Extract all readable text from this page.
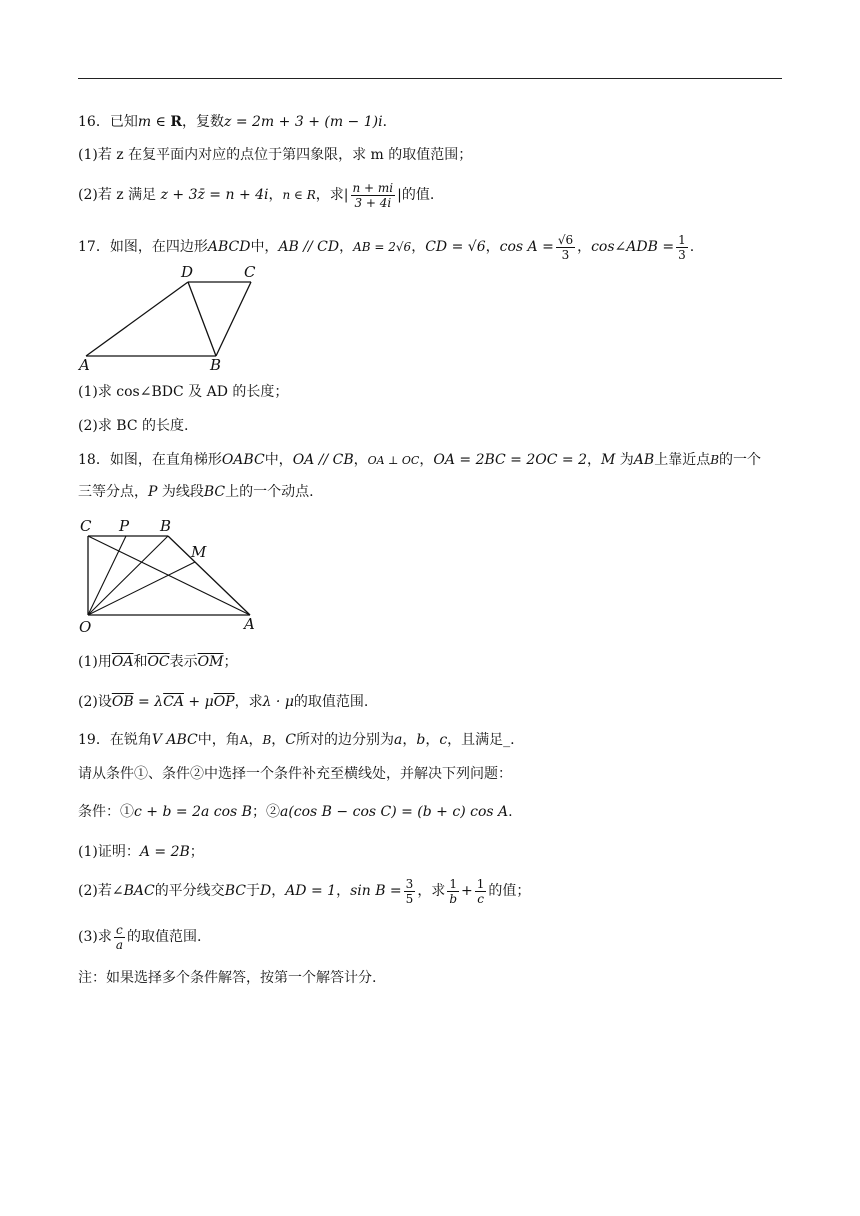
16．已知m ∈ R，复数z = 2m + 3 + (m − 1)i．
(1)若 z 在复平面内对应的点位于第四象限，求 m 的取值范围；
(2)若 z 满足 z + 3z̄ = n + 4i，n ∈ R，求| $\frac{n + mi}{3 + 4i}$ |的值.
17．如图，在四边形ABCD中，AB // CD，AB = 2√6，CD = √6，$\cos A = \frac{√6}{3}$ ，cos∠ADB = $\frac{1}{3}$ .
A	B
D	C
(1)求 cos∠BDC 及 AD 的长度；
(2)求 BC 的长度.
18．如图，在直角梯形OABC中，OA // CB，OA ⊥ OC，OA = 2BC = 2OC = 2，M 为AB上靠近点B的一个
三等分点，P 为线段BC上的一个动点.
C P B
M
O	A
(1)用$\overline{OA}$和$\overline{OC}$表示$\overline{OM}$；
(2)设$\overline{OB} = \lambda\overline{CA} + \mu\overline{OP}$，求λ · μ的取值范围.
19．在锐角V ABC中，角A，B，C所对的边分别为a，b，c，且满足_.
请从条件①、条件②中选择一个条件补充至横线处，并解决下列问题：
条件：①c + b = 2a cos B；②a(cos B − cos C) = (b + c) cos A.
(1)证明：A = 2B；
(2)若∠BAC的平分线交BC于D，AD = 1，$\sin B = \frac{3}{5}$ ，求 $\frac{1}{b} + \frac{1}{c}$ 的值；
(3)求 $\frac{c}{a}$ 的取值范围.
注：如果选择多个条件解答，按第一个解答计分.
